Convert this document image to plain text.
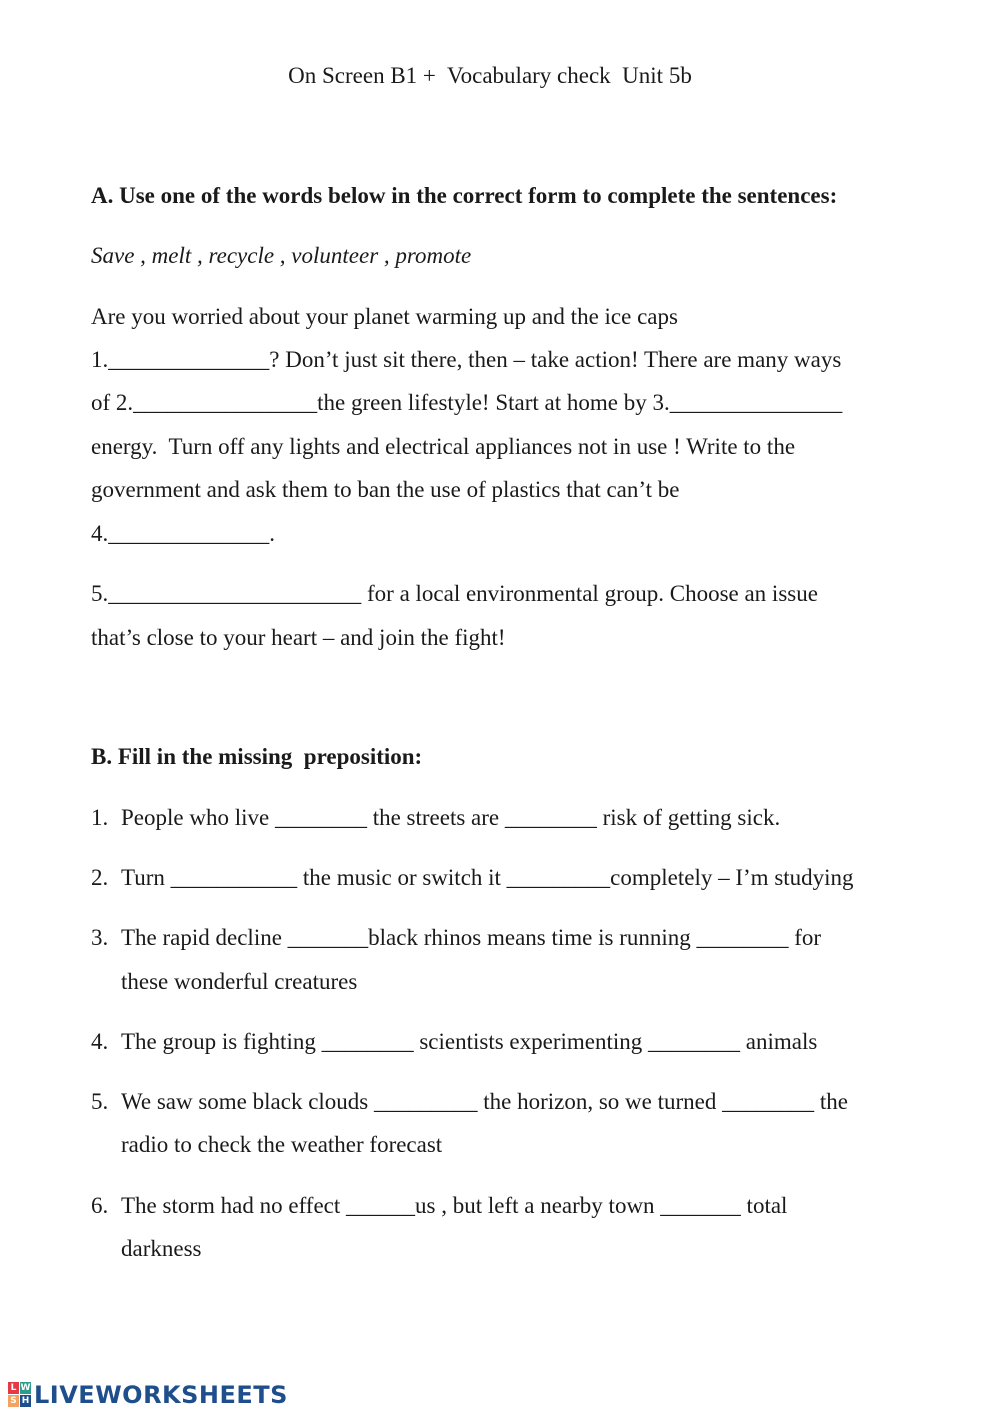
On Screen B1 +  Vocabulary check  Unit 5b
A. Use one of the words below in the correct form to complete the sentences:
Save , melt , recycle , volunteer , promote
Are you worried about your planet warming up and the ice caps
1.______________? Don’t just sit there, then – take action! There are many ways
of 2.________________the green lifestyle! Start at home by 3._______________
energy.  Turn off any lights and electrical appliances not in use ! Write to the
government and ask them to ban the use of plastics that can’t be
4.______________.
5.______________________ for a local environmental group. Choose an issue
that’s close to your heart – and join the fight!
B. Fill in the missing  preposition:
1. People who live ________ the streets are ________ risk of getting sick.
2. Turn ___________ the music or switch it _________completely – I’m studying
3. The rapid decline _______black rhinos means time is running ________ for
these wonderful creatures
4. The group is fighting ________ scientists experimenting ________ animals
5. We saw some black clouds _________ the horizon, so we turned ________ the
radio to check the weather forecast
6. The storm had no effect ______us , but left a nearby town _______ total
darkness
L W
S H LIVEWORKSHEETS
